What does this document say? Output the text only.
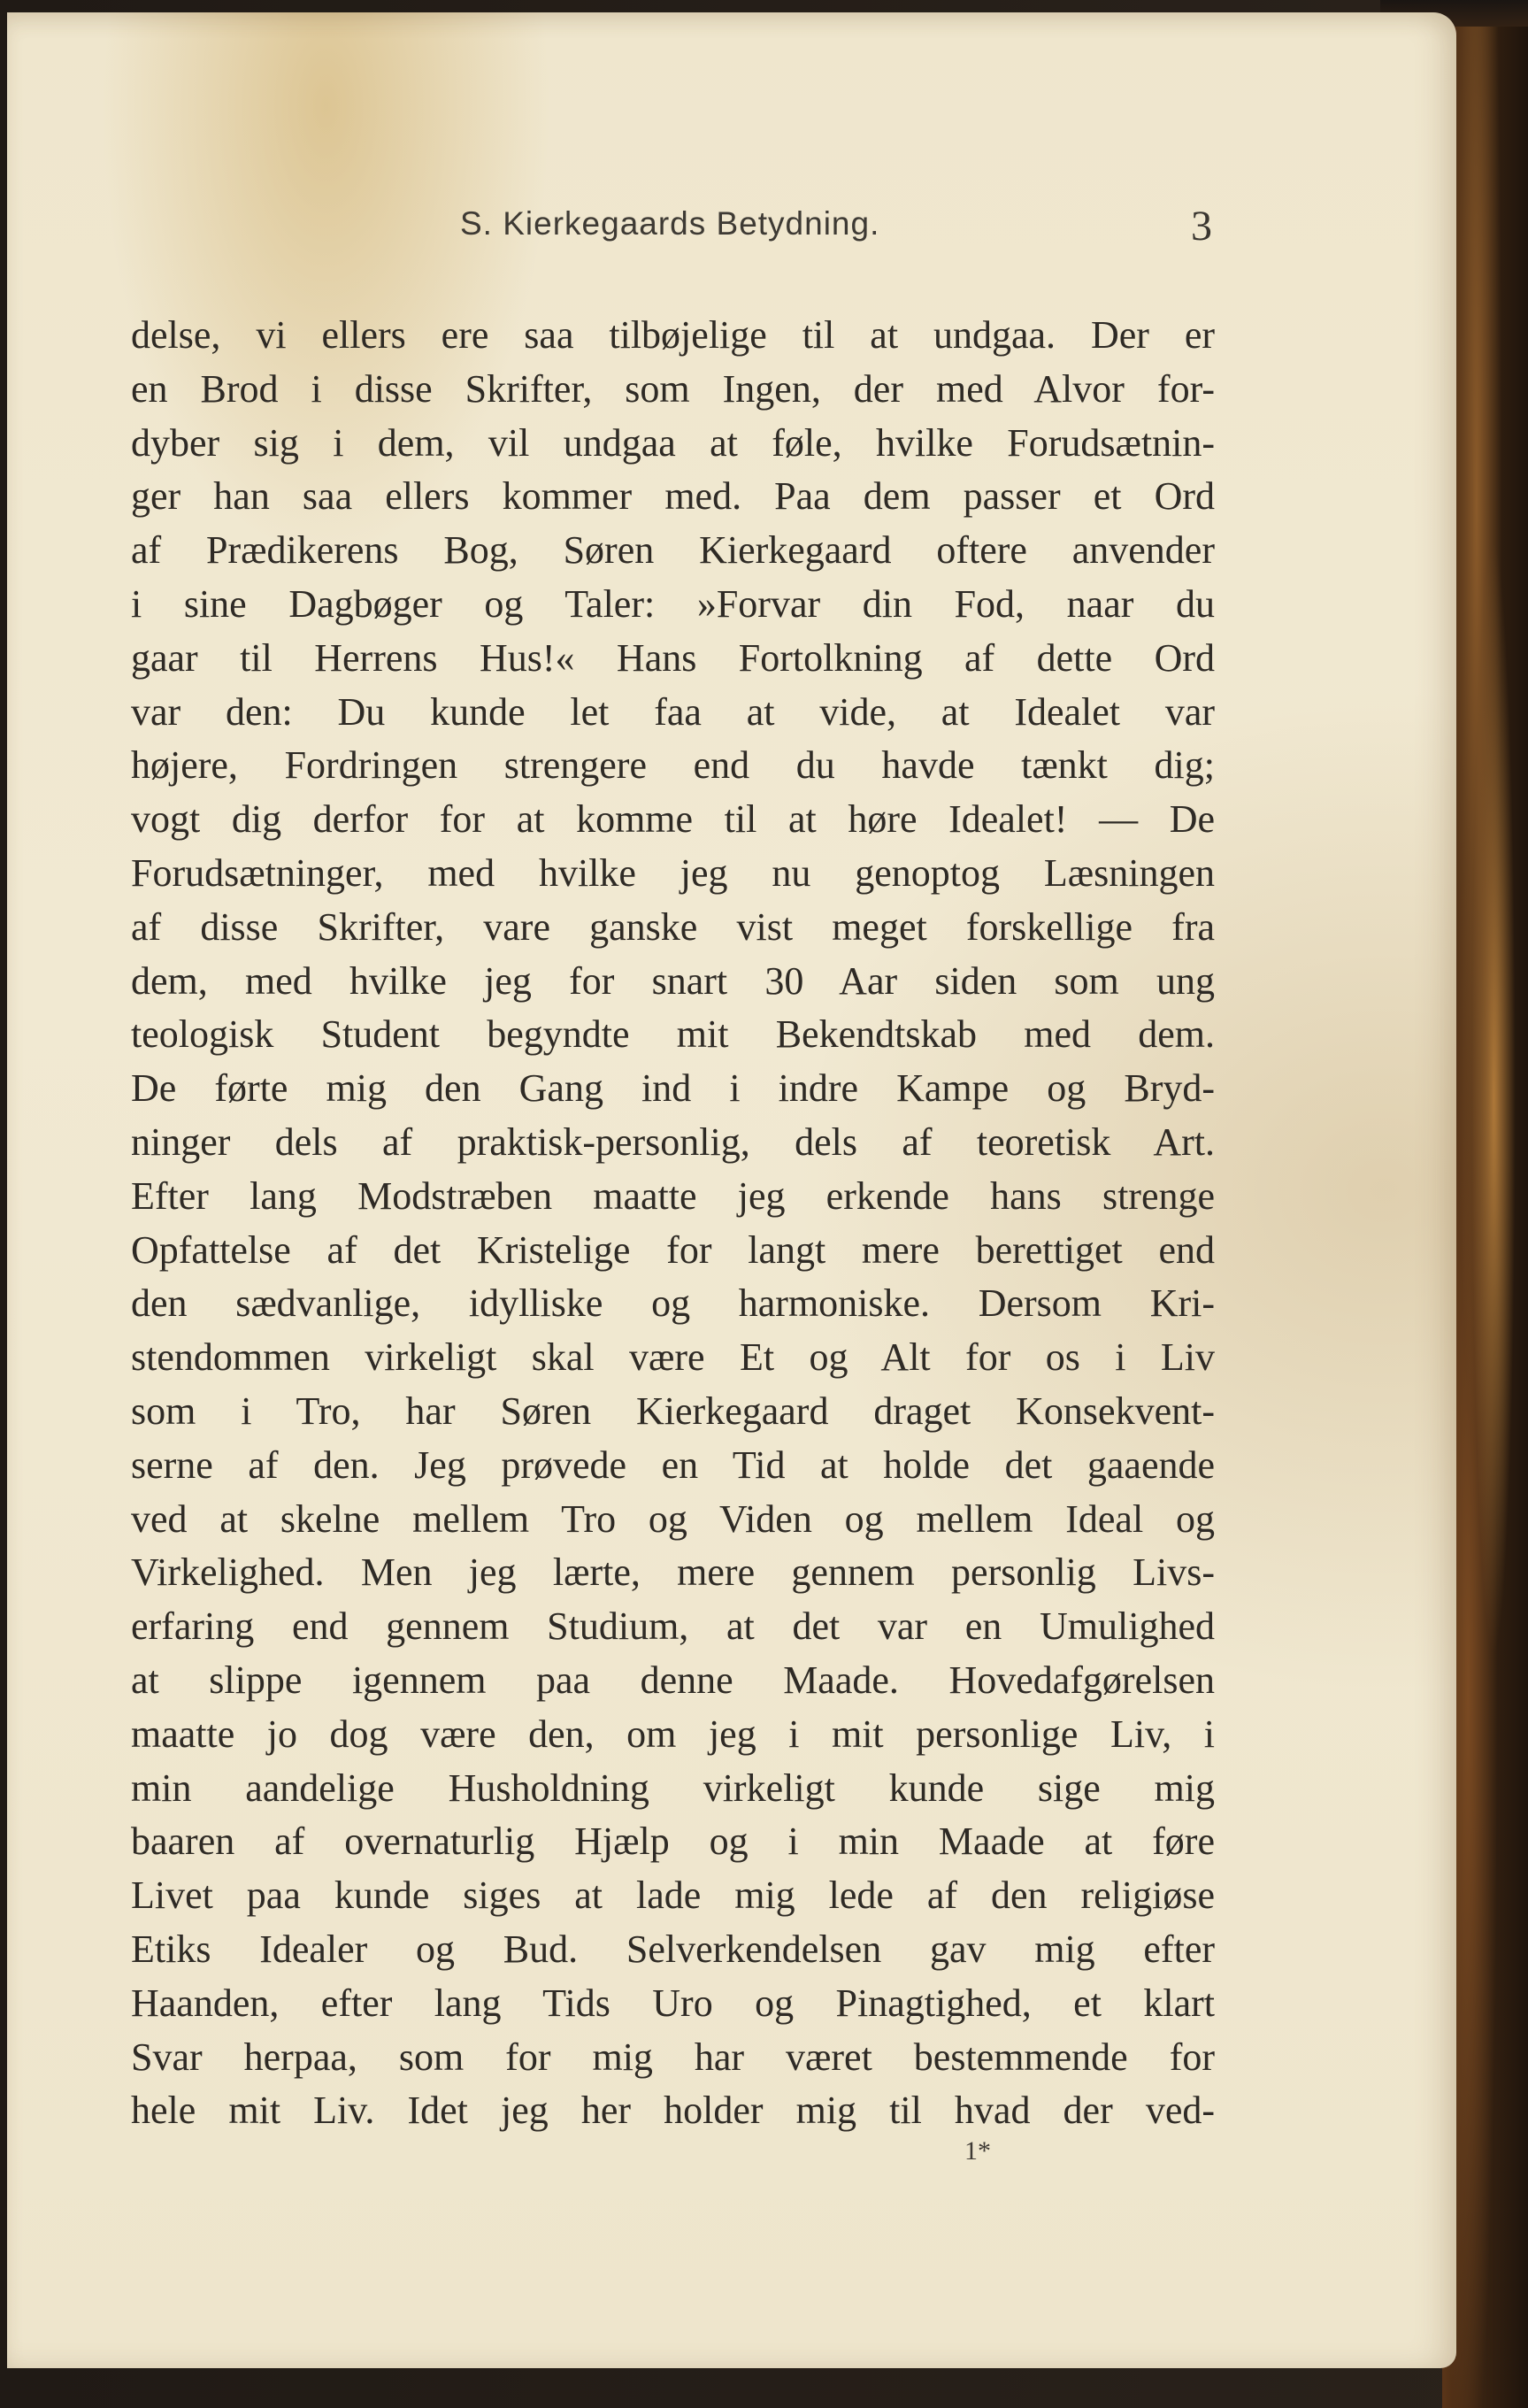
S. Kierkegaards Betydning.	3
delse, vi ellers ere saa tilbøjelige til at undgaa. Der er
en Brod i disse Skrifter, som Ingen, der med Alvor for-
dyber sig i dem, vil undgaa at føle, hvilke Forudsætnin-
ger han saa ellers kommer med. Paa dem passer et Ord
af Prædikerens Bog, Søren Kierkegaard oftere anvender
i sine Dagbøger og Taler: »Forvar din Fod, naar du
gaar til Herrens Hus!« Hans Fortolkning af dette Ord
var den: Du kunde let faa at vide, at Idealet var
højere, Fordringen strengere end du havde tænkt dig;
vogt dig derfor for at komme til at høre Idealet! — De
Forudsætninger, med hvilke jeg nu genoptog Læsningen
af disse Skrifter, vare ganske vist meget forskellige fra
dem, med hvilke jeg for snart 30 Aar siden som ung
teologisk Student begyndte mit Bekendtskab med dem.
De førte mig den Gang ind i indre Kampe og Bryd-
ninger dels af praktisk-personlig, dels af teoretisk Art.
Efter lang Modstræben maatte jeg erkende hans strenge
Opfattelse af det Kristelige for langt mere berettiget end
den sædvanlige, idylliske og harmoniske. Dersom Kri-
stendommen virkeligt skal være Et og Alt for os i Liv
som i Tro, har Søren Kierkegaard draget Konsekvent-
serne af den. Jeg prøvede en Tid at holde det gaaende
ved at skelne mellem Tro og Viden og mellem Ideal og
Virkelighed. Men jeg lærte, mere gennem personlig Livs-
erfaring end gennem Studium, at det var en Umulighed
at slippe igennem paa denne Maade. Hovedafgørelsen
maatte jo dog være den, om jeg i mit personlige Liv, i
min aandelige Husholdning virkeligt kunde sige mig
baaren af overnaturlig Hjælp og i min Maade at føre
Livet paa kunde siges at lade mig lede af den religiøse
Etiks Idealer og Bud. Selverkendelsen gav mig efter
Haanden, efter lang Tids Uro og Pinagtighed, et klart
Svar herpaa, som for mig har været bestemmende for
hele mit Liv. Idet jeg her holder mig til hvad der ved-
1*
